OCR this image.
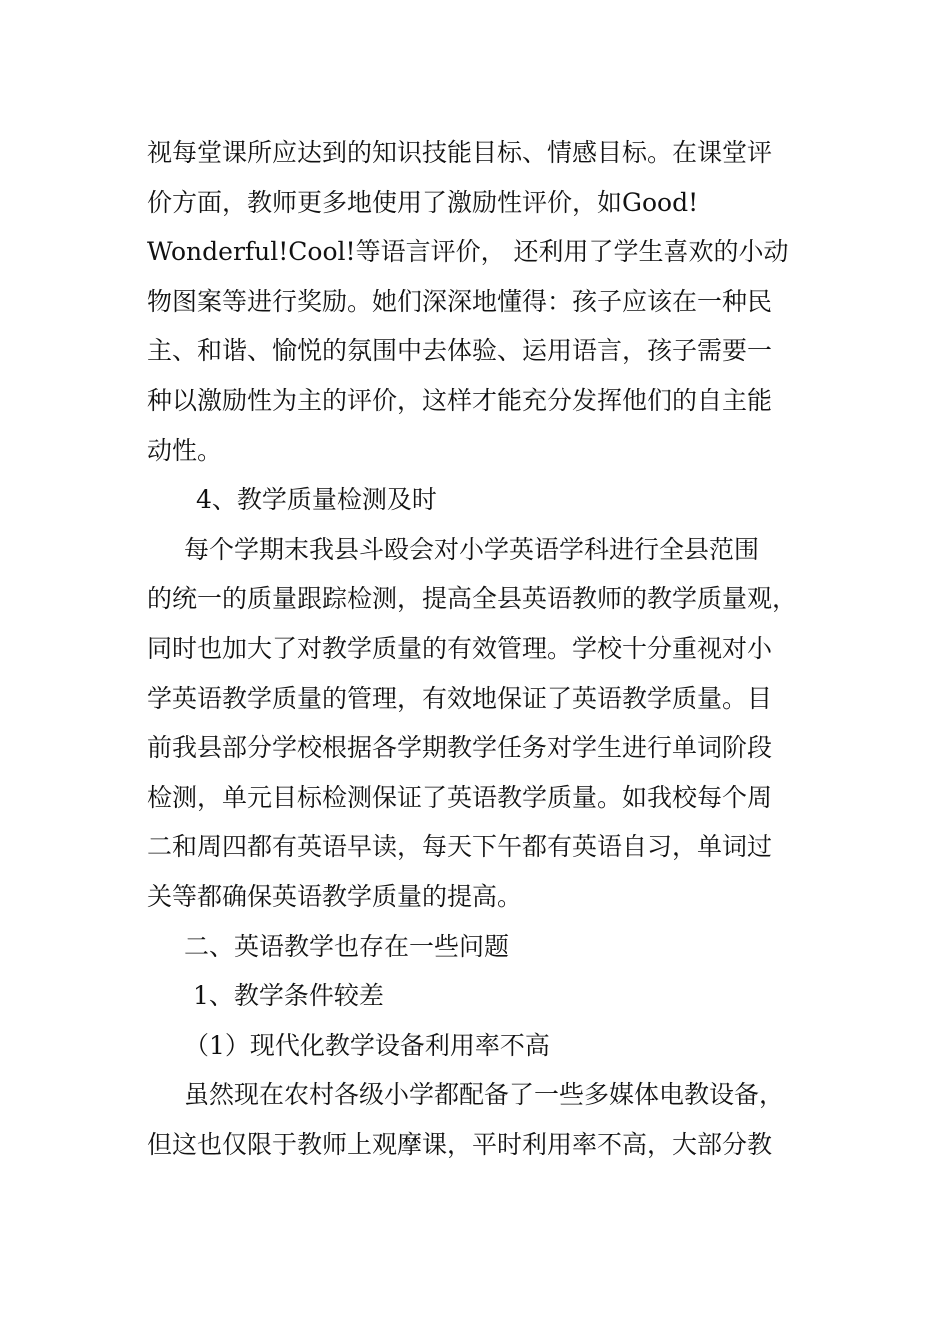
视每堂课所应达到的知识技能目标、情感目标。在课堂评
价方面，教师更多地使用了激励性评价，如Good!
Wonderful!Cool!等语言评价， 还利用了学生喜欢的小动
物图案等进行奖励。她们深深地懂得：孩子应该在一种民
主、和谐、愉悦的氛围中去体验、运用语言，孩子需要一
种以激励性为主的评价，这样才能充分发挥他们的自主能
动性。
4、教学质量检测及时
每个学期末我县斗殴会对小学英语学科进行全县范围
的统一的质量跟踪检测，提高全县英语教师的教学质量观，
同时也加大了对教学质量的有效管理。学校十分重视对小
学英语教学质量的管理，有效地保证了英语教学质量。目
前我县部分学校根据各学期教学任务对学生进行单词阶段
检测，单元目标检测保证了英语教学质量。如我校每个周
二和周四都有英语早读，每天下午都有英语自习，单词过
关等都确保英语教学质量的提高。
二、英语教学也存在一些问题
1、教学条件较差
（1）现代化教学设备利用率不高
虽然现在农村各级小学都配备了一些多媒体电教设备，
但这也仅限于教师上观摩课，平时利用率不高，大部分教
